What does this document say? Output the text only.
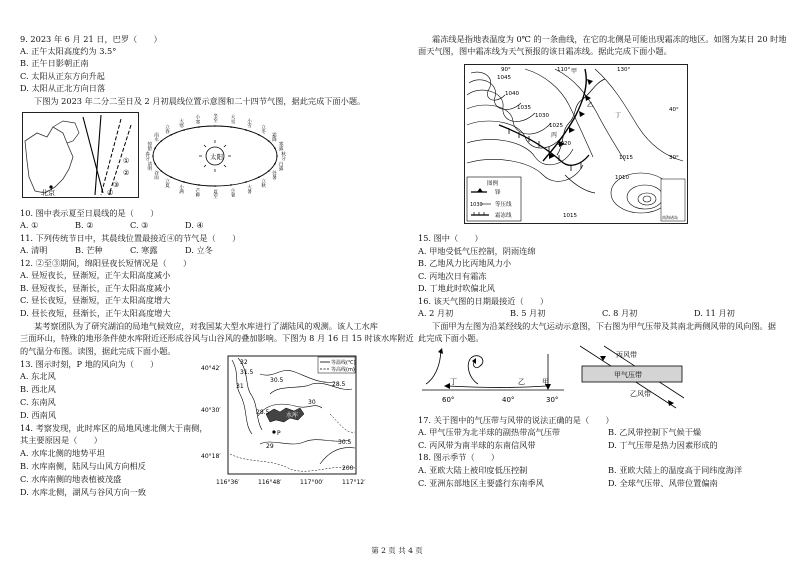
9. 2023 年 6 月 21 日，巴罗（　　）
A. 正午太阳高度约为 3.5°
B. 正午日影朝正南
C. 太阳从正东方向升起
D. 太阳从正北方向日落
下图为 2023 年二分二至日及 2 月初晨线位置示意图和二十四节气图，据此完成下面小题。
北京
①
②
③
④
太阳
春分
清明
谷雨
立夏
小满 芒种	夏至	小暑 大暑
立秋
处暑
白露
秋分
寒露
霜降
立冬
小雪
大雪
冬至
小寒
大寒
立春
雨水
惊蛰
10. 图中表示夏至日晨线的是（　　）
A. ①	B. ②	C. ③	D. ④
11. 下列传统节日中，其晨线位置最接近④的节气是（　　）
A. 清明	B. 芒种	C. 寒露	D. 立冬
12. ②至③期间，绵阳昼夜长短情况是（　　）
A. 昼短夜长，昼渐短，正午太阳高度减小
B. 昼短夜长，昼渐长，正午太阳高度减小
C. 昼长夜短，昼渐短，正午太阳高度增大
D. 昼长夜短，昼渐长，正午太阳高度增大
某考察团队为了研究湖泊的局地气候效应，对我国某大型水库进行了湖陆风的观测。该人工水库
三面环山，特殊的地形条件使水库附近还形成谷风与山谷风的叠加影响。下图为 8 月 16 日 15 时该水库附近
的气温分布图。读图，据此完成下面小题。
13. 图示时刻，P 地的风向为（　　）
A. 东北风
B. 西北风
C. 东南风
D. 西南风
14. 考察发现，此时库区的局地风速北侧大于南侧，
其主要原因是（　　）
A. 水库北侧的地势平坦
B. 水库南侧，陆风与山风方向相反
C. 水库南侧的地表植被茂盛
D. 水库北侧，湖风与谷风方向一致
等温线(℃)
等高线(m)
水库
P
32
31.5
31
30.5
29
28.5
28.5
30
30.5
200
40°42′
40°30′
40°18′
116°36′	116°48′	117°00′	117°12′
霜冻线是指地表温度为 0℃ 的一条曲线，在它的北侧是可能出现霜冻的地区。如图为某日 20 时地
面天气图，图中霜冻线为天气预报的该日霜冻线。据此完成下面小题。
1045
1040
1035
1030
1025
1020
1015
1010
1015
甲
乙
丙
丁
90°	110°	130°
40°
30°
图例
锋
1030 等压线
霜冻线	南海诸岛
15. 图中（　　）
A. 甲地受低气压控制，阴雨连绵
B. 乙地风力比丙地风力小
C. 丙地次日有霜冻
D. 丁地此时吹偏北风
16. 该天气图的日期最接近（　　）
A. 2 月初	B. 5 月初	C. 8 月初	D. 11 月初
下面甲为左图为沿某经线的大气运动示意图，下右图为甲气压带及其南北两侧风带的风向图。据
此完成下面小题。
丁	乙 甲
60°	40°	30°
丙风带
甲气压带
乙风带
17. 关于图中的气压带与风带的说法正确的是（　　）
A. 甲气压带为北半球的副热带高气压带	B. 乙风带控制下气候干燥
C. 丙风带为南半球的东南信风带	D. 丁气压带是热力因素形成的
18. 图示季节（　　）
A. 亚欧大陆上被印度低压控制	B. 亚欧大陆上的温度高于同纬度海洋
C. 亚洲东部地区主要盛行东南季风	D. 全球气压带、风带位置偏南
第 2 页 共 4 页
